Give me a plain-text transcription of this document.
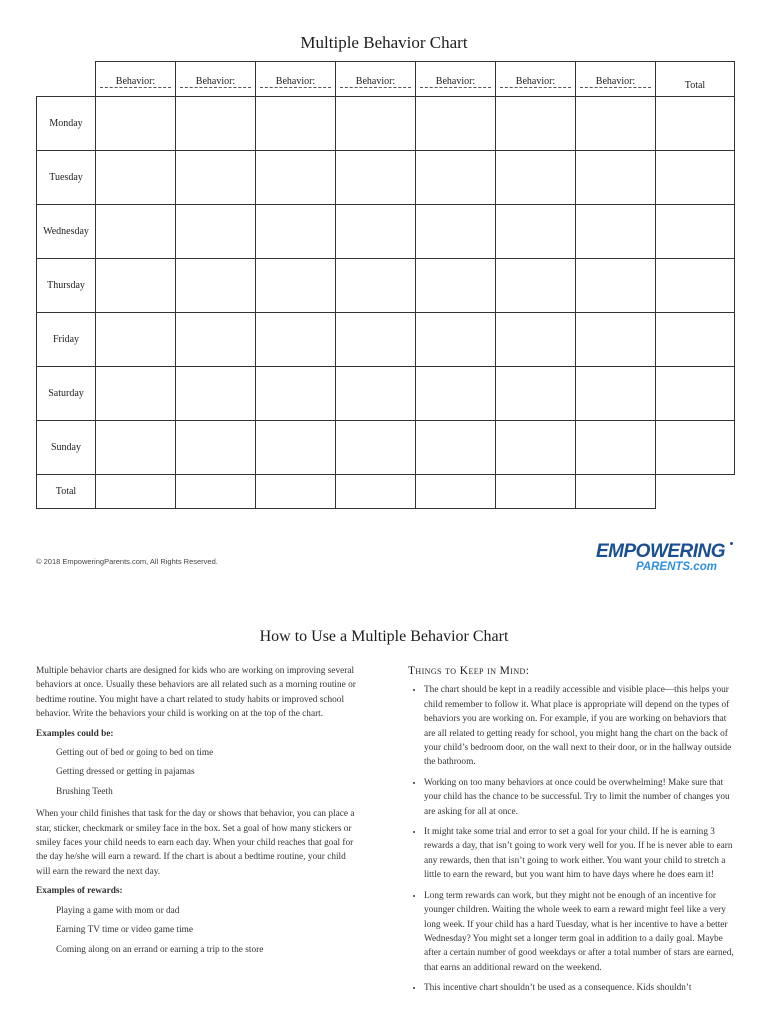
Multiple Behavior Chart

	Behavior:	Behavior:	Behavior:	Behavior:	Behavior:	Behavior:	Behavior:	Total

Monday								
Tuesday								
Wednesday								
Thursday								
Friday								
Saturday								
Sunday								
Total								
© 2018 EmpoweringParents.com, All Rights Reserved.	EMPOWERING
PARENTS.com
How to Use a Multiple Behavior Chart

Multiple behavior charts are designed for kids who are working on improving several behaviors at once. Usually these behaviors are all related such as a morning routine or bedtime routine. You might have a chart related to study habits or improved school behavior. Write the behaviors your child is working on at the top of the chart.

Examples could be:

Getting out of bed or going to bed on time

Getting dressed or getting in pajamas

Brushing Teeth

When your child finishes that task for the day or shows that behavior, you can place a star, sticker, checkmark or smiley face in the box. Set a goal of how many stickers or smiley faces your child needs to earn each day. When your child reaches that goal for the day he/she will earn a reward. If the chart is about a bedtime routine, your child will earn the reward the next day.

Examples of rewards:

Playing a game with mom or dad

Earning TV time or video game time

Coming along on an errand or earning a trip to the store

Things to Keep in Mind:
• The chart should be kept in a readily accessible and visible place—this helps your child remember to follow it. What place is appropriate will depend on the types of behaviors you are working on. For example, if you are working on behaviors that are all related to getting ready for school, you might hang the chart on the back of your child’s bedroom door, on the wall next to their door, or in the hallway outside the bathroom.
• Working on too many behaviors at once could be overwhelming! Make sure that your child has the chance to be successful. Try to limit the number of changes you are asking for all at once.
• It might take some trial and error to set a goal for your child. If he is earning 3 rewards a day, that isn’t going to work very well for you. If he is never able to earn any rewards, then that isn’t going to work either. You want your child to stretch a little to earn the reward, but you want him to have days where he does earn it!
• Long term rewards can work, but they might not be enough of an incentive for younger children. Waiting the whole week to earn a reward might feel like a very long week. If your child has a hard Tuesday, what is her incentive to have a better Wednesday? You might set a longer term goal in addition to a daily goal. Maybe after a certain number of good weekdays or after a total number of stars are earned, that earns an additional reward on the weekend.
• This incentive chart shouldn’t be used as a consequence. Kids shouldn’t
